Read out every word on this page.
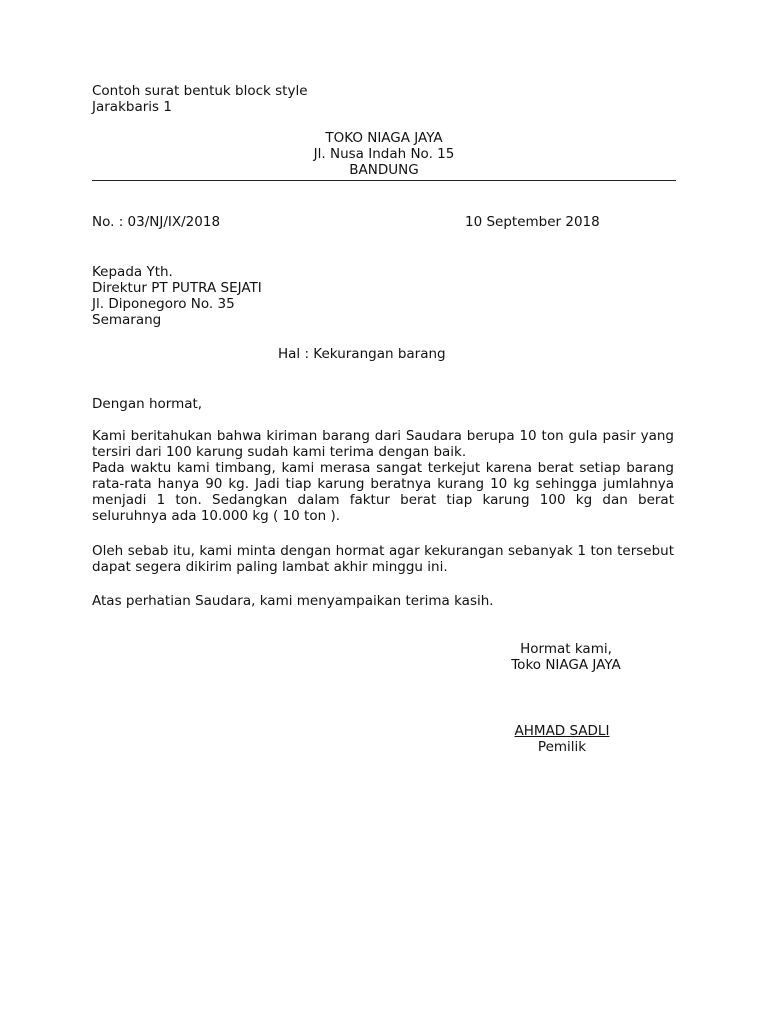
Contoh surat bentuk block style
Jarakbaris 1
TOKO NIAGA JAYA
Jl. Nusa Indah No. 15
BANDUNG
No. : 03/NJ/IX/2018	10 September 2018
Kepada Yth.
Direktur PT PUTRA SEJATI
Jl. Diponegoro No. 35
Semarang
Hal : Kekurangan barang
Dengan hormat,
Kami beritahukan bahwa kiriman barang dari Saudara berupa 10 ton gula pasir yang tersiri dari 100 karung sudah kami terima dengan baik.
Pada waktu kami timbang, kami merasa sangat terkejut karena berat setiap barang rata-rata hanya 90 kg. Jadi tiap karung beratnya kurang 10 kg sehingga jumlahnya menjadi 1 ton. Sedangkan dalam faktur berat tiap karung 100 kg dan berat seluruhnya ada 10.000 kg ( 10 ton ).
Oleh sebab itu, kami minta dengan hormat agar kekurangan sebanyak 1 ton tersebut dapat segera dikirim paling lambat akhir minggu ini.
Atas perhatian Saudara, kami menyampaikan terima kasih.
Hormat kami,
Toko NIAGA JAYA
AHMAD SADLI
Pemilik
